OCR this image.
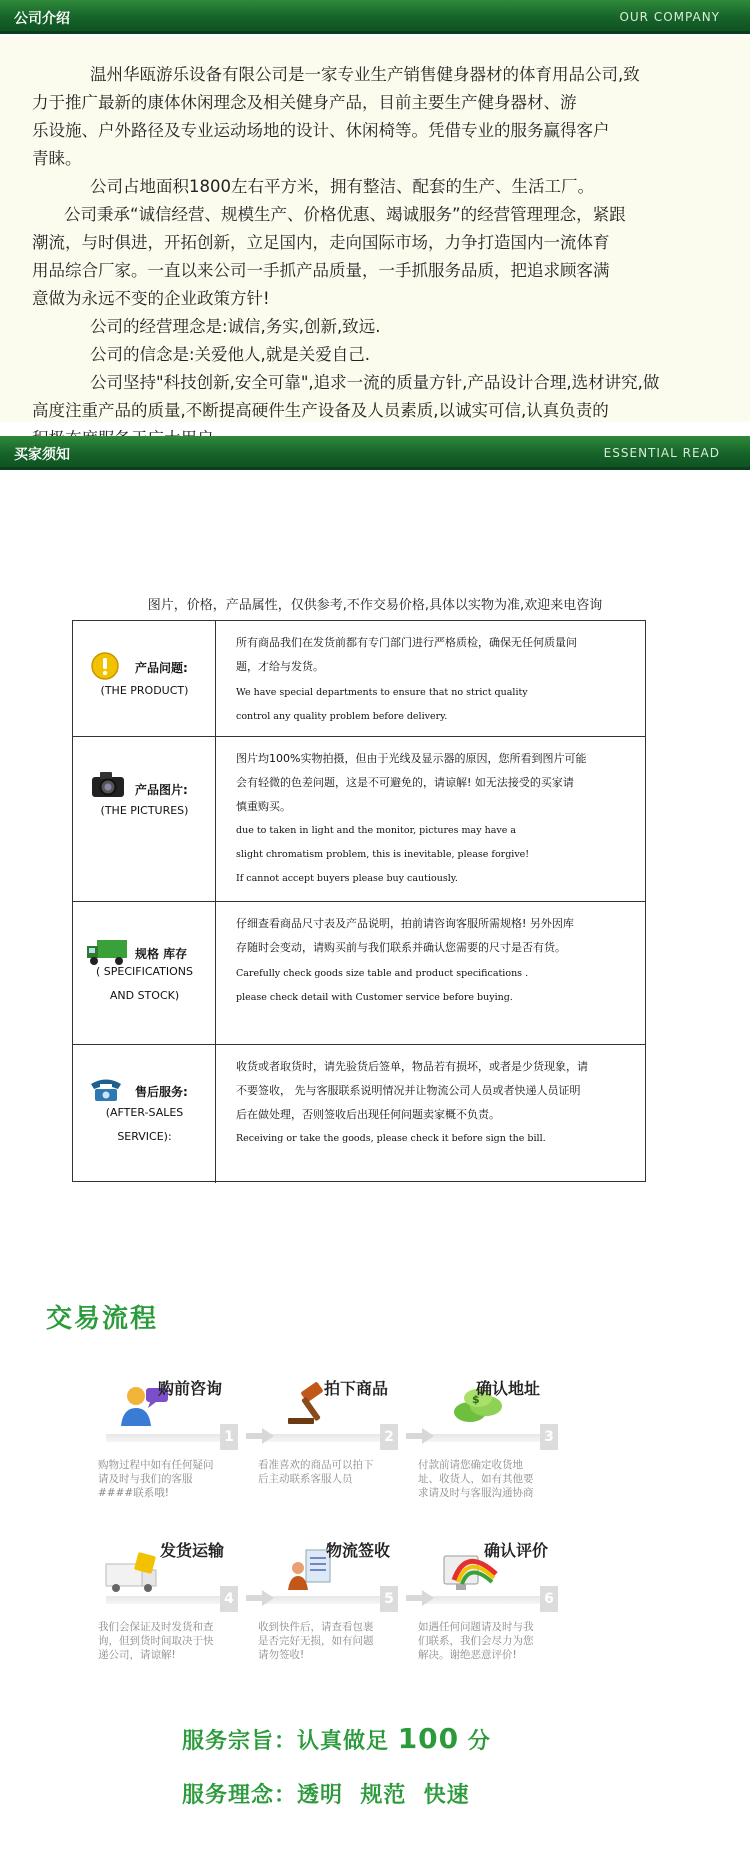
公司介绍	OUR COMPANY

温州华瓯游乐设备有限公司是一家专业生产销售健身器材的体育用品公司,致

力于推广最新的康体休闲理念及相关健身产品，目前主要生产健身器材、游

乐设施、户外路径及专业运动场地的设计、休闲椅等。凭借专业的服务赢得客户

青睐。

公司占地面积1800左右平方米，拥有整洁、配套的生产、生活工厂。

公司秉承“诚信经营、规模生产、价格优惠、竭诚服务”的经营管理理念，紧跟

潮流，与时俱进，开拓创新，立足国内，走向国际市场，力争打造国内一流体育

用品综合厂家。一直以来公司一手抓产品质量，一手抓服务品质，把追求顾客满

意做为永远不变的企业政策方针!

公司的经营理念是:诚信,务实,创新,致远.

公司的信念是:关爱他人,就是关爱自己.

公司坚持"科技创新,安全可靠",追求一流的质量方针,产品设计合理,选材讲究,做

高度注重产品的质量,不断提高硬件生产设备及人员素质,以诚实可信,认真负责的

买家须知	ESSENTIAL READ
图片，价格，产品属性，仅供参考,不作交易价格,具体以实物为准,欢迎来电咨询
产品问题:
(THE PRODUCT)
所有商品我们在发货前都有专门部门进行严格质检，确保无任何质量问
题，才给与发货。
We have special departments to ensure that no strict quality
control any quality problem before delivery.
产品图片:
(THE PICTURES)
图片均100%实物拍摄，但由于光线及显示器的原因，您所看到图片可能
会有轻微的色差问题，这是不可避免的，请谅解! 如无法接受的买家请
慎重购买。
due to taken in light and the monitor, pictures may have a
slight chromatism problem, this is inevitable, please forgive!
If cannot accept buyers please buy cautiously.
规格 库存
( SPECIFICATIONS
AND STOCK)
仔细查看商品尺寸表及产品说明，拍前请咨询客服所需规格! 另外因库
存随时会变动，请购买前与我们联系并确认您需要的尺寸是否有货。
Carefully check goods size table and product specifications .
please check detail with Customer service before buying.
售后服务:
(AFTER-SALES
SERVICE):
收货或者取货时，请先验货后签单，物品若有损坏，或者是少货现象，请
不要签收， 先与客服联系说明情况并让物流公司人员或者快递人员证明
后在做处理，否则签收后出现任何问题卖家概不负责。
Receiving or take the goods, please check it before sign the bill.
交易流程
购前咨询
1
购物过程中如有任何疑问请及时与我们的客服####联系哦!
拍下商品
2
看准喜欢的商品可以拍下后主动联系客服人员
$
确认地址
3
付款前请您确定收货地址、收货人，如有其他要求请及时与客服沟通协商
发货运输
4
我们会保证及时发货和查询，但到货时间取决于快递公司，请谅解!
物流签收
5
收到快件后，请查看包裹是否完好无损，如有问题请勿签收!
确认评价
6
如遇任何问题请及时与我们联系，我们会尽力为您解决。谢绝恶意评价!
服务宗旨：认真做足 100 分
服务理念：透明  规范  快速
